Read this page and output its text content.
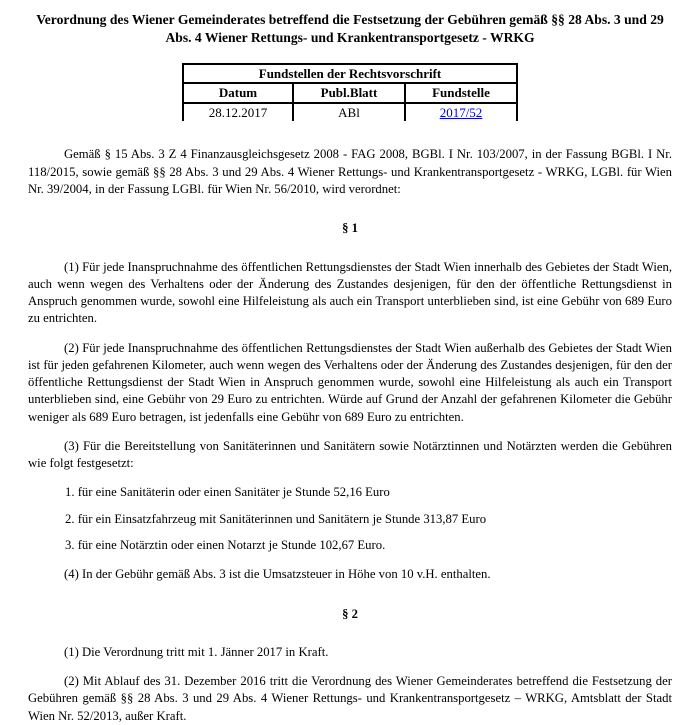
Verordnung des Wiener Gemeinderates betreffend die Festsetzung der Gebühren gemäß §§ 28 Abs. 3 und 29 Abs. 4 Wiener Rettungs- und Krankentransportgesetz - WRKG
Fundstellen der Rechtsvorschrift		
Datum	Publ.Blatt	Fundstelle
28.12.2017	ABl	2017/52

Gemäß § 15 Abs. 3 Z 4 Finanzausgleichsgesetz 2008 - FAG 2008, BGBl. I Nr. 103/2007, in der Fassung BGBl. I Nr. 118/2015, sowie gemäß §§ 28 Abs. 3 und 29 Abs. 4 Wiener Rettungs- und Krankentransportgesetz - WRKG, LGBl. für Wien Nr. 39/2004, in der Fassung LGBl. für Wien Nr. 56/2010, wird verordnet:

§ 1

(1) Für jede Inanspruchnahme des öffentlichen Rettungsdienstes der Stadt Wien innerhalb des Gebietes der Stadt Wien, auch wenn wegen des Verhaltens oder der Änderung des Zustandes desjenigen, für den der öffentliche Rettungsdienst in Anspruch genommen wurde, sowohl eine Hilfeleistung als auch ein Transport unterblieben sind, ist eine Gebühr von 689 Euro zu entrichten.

(2) Für jede Inanspruchnahme des öffentlichen Rettungsdienstes der Stadt Wien außerhalb des Gebietes der Stadt Wien ist für jeden gefahrenen Kilometer, auch wenn wegen des Verhaltens oder der Änderung des Zustandes desjenigen, für den der öffentliche Rettungsdienst der Stadt Wien in Anspruch genommen wurde, sowohl eine Hilfeleistung als auch ein Transport unterblieben sind, eine Gebühr von 29 Euro zu entrichten. Würde auf Grund der Anzahl der gefahrenen Kilometer die Gebühr weniger als 689 Euro betragen, ist jedenfalls eine Gebühr von 689 Euro zu entrichten.

(3) Für die Bereitstellung von Sanitäterinnen und Sanitätern sowie Notärztinnen und Notärzten werden die Gebühren wie folgt festgesetzt:

1. für eine Sanitäterin oder einen Sanitäter je Stunde 52,16 Euro

2. für ein Einsatzfahrzeug mit Sanitäterinnen und Sanitätern je Stunde 313,87 Euro

3. für eine Notärztin oder einen Notarzt je Stunde 102,67 Euro.

(4) In der Gebühr gemäß Abs. 3 ist die Umsatzsteuer in Höhe von 10 v.H. enthalten.

§ 2

(1) Die Verordnung tritt mit 1. Jänner 2017 in Kraft.

(2) Mit Ablauf des 31. Dezember 2016 tritt die Verordnung des Wiener Gemeinderates betreffend die Festsetzung der Gebühren gemäß §§ 28 Abs. 3 und 29 Abs. 4 Wiener Rettungs- und Krankentransportgesetz – WRKG, Amtsblatt der Stadt Wien Nr. 52/2013, außer Kraft.
